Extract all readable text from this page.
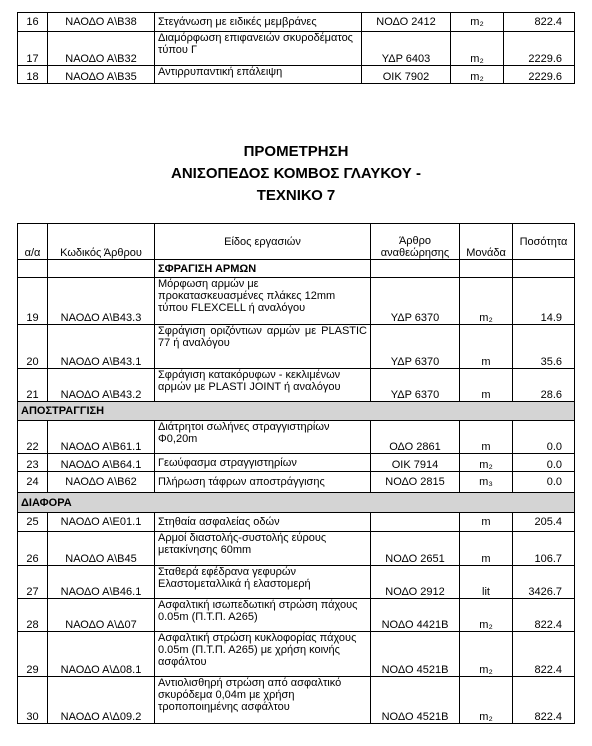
16	ΝΑΟΔΟ Α\Β38	Στεγάνωση με ειδικές μεμβράνες	ΝΟΔΟ 2412	m₂	822.4
17	ΝΑΟΔΟ Α\Β32	Διαμόρφωση επιφανειών σκυροδέματος τύπου Γ	ΥΔΡ 6403	m₂	2229.6
18	ΝΑΟΔΟ Α\Β35	Αντιρρυπαντική επάλειψη	ΟΙΚ 7902	m₂	2229.6
ΠΡΟΜΕΤΡΗΣΗ
ΑΝΙΣΟΠΕΔΟΣ ΚΟΜΒΟΣ ΓΛΑΥΚΟΥ -
ΤΕΧΝΙΚΟ 7
α/α	Κωδικός Άρθρου	Είδος εργασιών	Άρθρο αναθεώρησης	Μονάδα	Ποσότητα
		ΣΦΡΑΓΙΣΗ ΑΡΜΩΝ			
19	ΝΑΟΔΟ Α\Β43.3	Μόρφωση αρμών με προκατασκευασμένες πλάκες 12mm τύπου FLEXCELL ή αναλόγου	ΥΔΡ 6370	m₂	14.9
20	ΝΑΟΔΟ Α\Β43.1	Σφράγιση οριζόντιων αρμών με PLASTIC 77 ή αναλόγου	ΥΔΡ 6370	m	35.6
21	ΝΑΟΔΟ Α\Β43.2	Σφράγιση κατακόρυφων - κεκλιμένων αρμών με PLASTI JOINT ή αναλόγου	ΥΔΡ 6370	m	28.6
ΑΠΟΣΤΡΑΓΓΙΣΗ					
22	ΝΑΟΔΟ Α\Β61.1	Διάτρητοι σωλήνες στραγγιστηρίων Φ0,20m	ΟΔΟ 2861	m	0.0
23	ΝΑΟΔΟ Α\Β64.1	Γεωύφασμα στραγγιστηρίων	ΟΙΚ 7914	m₂	0.0
24	ΝΑΟΔΟ Α\Β62	Πλήρωση τάφρων αποστράγγισης	ΝΟΔΟ 2815	m₃	0.0
ΔΙΑΦΟΡΑ					
25	ΝΑΟΔΟ Α\Ε01.1	Στηθαία ασφαλείας οδών		m	205.4
26	ΝΑΟΔΟ Α\Β45	Αρμοί διαστολής-συστολής εύρους μετακίνησης 60mm	ΝΟΔΟ 2651	m	106.7
27	ΝΑΟΔΟ Α\Β46.1	Σταθερά εφέδρανα γεφυρών Ελαστομεταλλικά ή ελαστομερή	ΝΟΔΟ 2912	lit	3426.7
28	ΝΑΟΔΟ Α\Δ07	Ασφαλτική ισωπεδωτική στρώση πάχους 0.05m (Π.Τ.Π. Α265)	ΝΟΔΟ 4421Β	m₂	822.4
29	ΝΑΟΔΟ Α\Δ08.1	Ασφαλτική στρώση κυκλοφορίας πάχους 0.05m (Π.Τ.Π. Α265) με χρήση κοινής ασφάλτου	ΝΟΔΟ 4521Β	m₂	822.4
30	ΝΑΟΔΟ Α\Δ09.2	Αντιολισθηρή στρώση από ασφαλτικό σκυρόδεμα 0,04m με χρήση τροποποιημένης ασφάλτου	ΝΟΔΟ 4521Β	m₂	822.4
